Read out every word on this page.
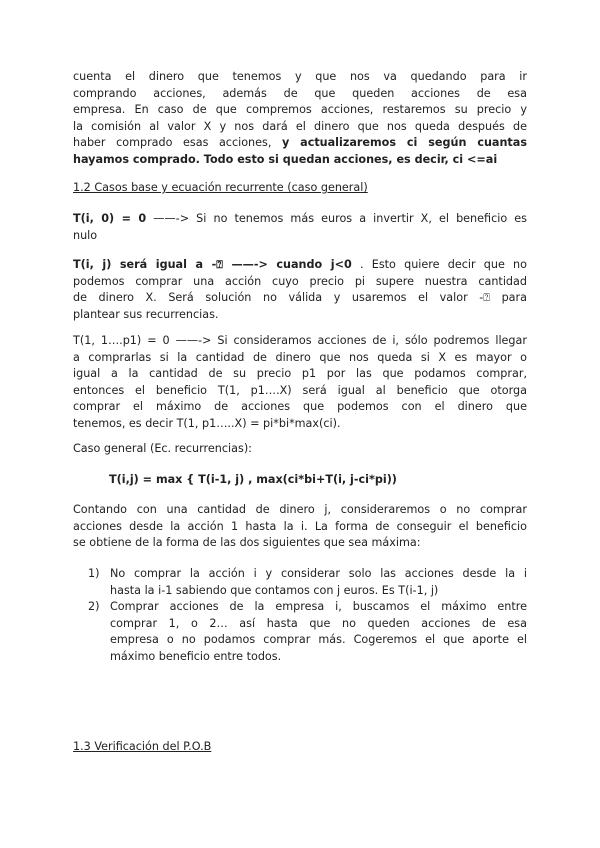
cuenta el dinero que tenemos y que nos va quedando para ir
comprando acciones, además de que queden acciones de esa
empresa. En caso de que compremos acciones, restaremos su precio y
la comisión al valor X y nos dará el dinero que nos queda después de
haber comprado esas acciones, y actualizaremos ci según cuantas
hayamos comprado. Todo esto si quedan acciones, es decir, ci <=ai
1.2 Casos base y ecuación recurrente (caso general)
T(i, 0) = 0 ——-> Si no tenemos más euros a invertir X, el beneficio es
nulo
T(i, j) será igual a -⍰ ——-> cuando j<0 . Esto quiere decir que no
podemos comprar una acción cuyo precio pi supere nuestra cantidad
de dinero X. Será solución no válida y usaremos el valor -⍰ para
plantear sus recurrencias.
T(1, 1….p1) = 0 ——-> Si consideramos acciones de i, sólo podremos llegar
a comprarlas si la cantidad de dinero que nos queda si X es mayor o
igual a la cantidad de su precio p1 por las que podamos comprar,
entonces el beneficio T(1, p1….X) será igual al beneficio que otorga
comprar el máximo de acciones que podemos con el dinero que
tenemos, es decir T(1, p1…..X) = pi*bi*max(ci).
Caso general (Ec. recurrencias):
T(i,j) = max { T(i-1, j) , max(ci*bi+T(i, j-ci*pi))
Contando con una cantidad de dinero j, consideraremos o no comprar
acciones desde la acción 1 hasta la i. La forma de conseguir el beneficio
se obtiene de la forma de las dos siguientes que sea máxima:
1) No comprar la acción i y considerar solo las acciones desde la i
hasta la i-1 sabiendo que contamos con j euros. Es T(i-1, j)
2) Comprar acciones de la empresa i, buscamos el máximo entre
comprar 1, o 2… así hasta que no queden acciones de esa
empresa o no podamos comprar más. Cogeremos el que aporte el
máximo beneficio entre todos.
1.3 Verificación del P.O.B
